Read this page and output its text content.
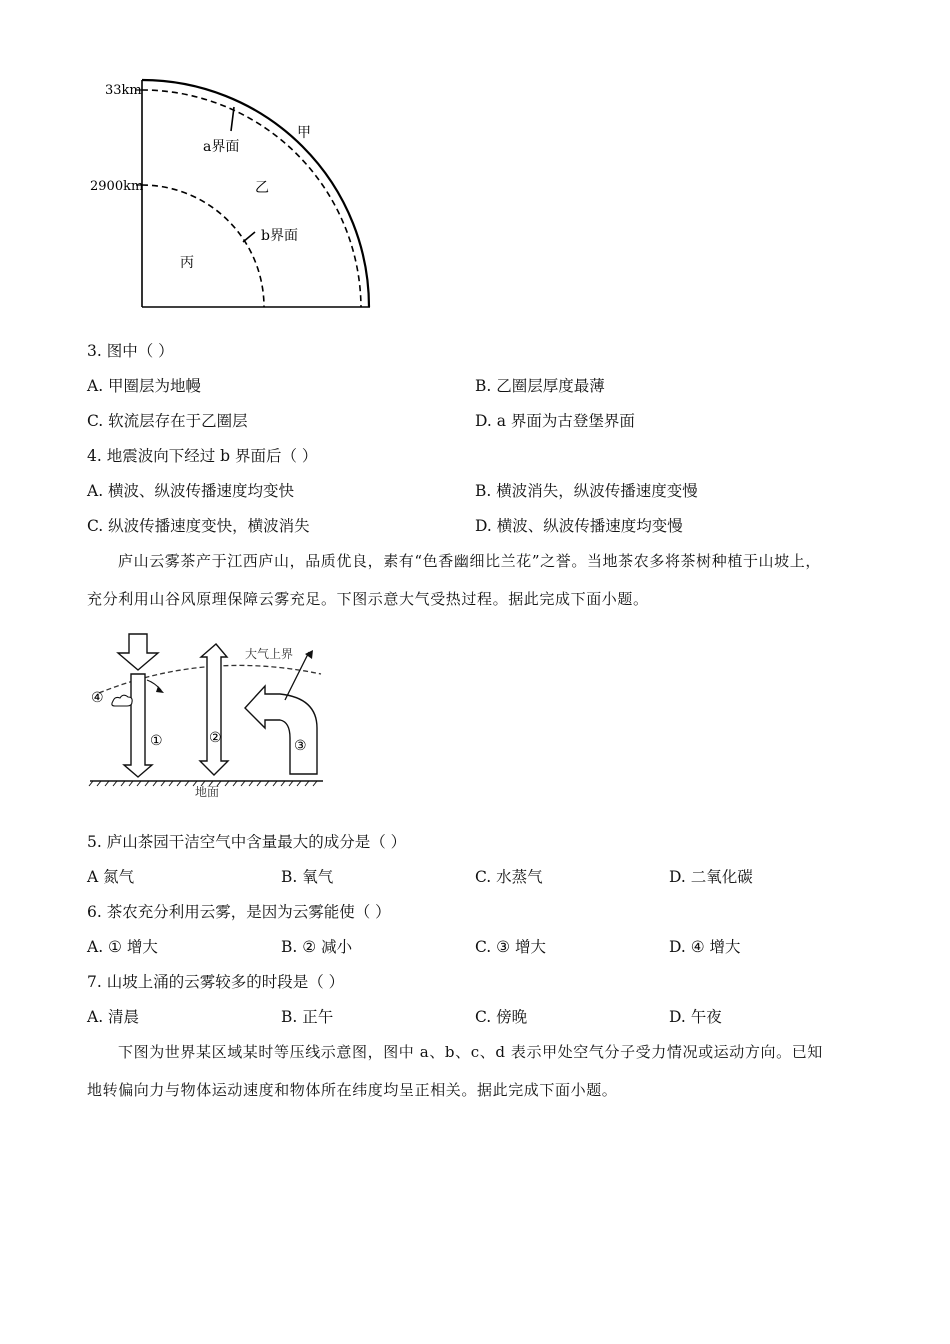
33km
2900km
甲
乙
丙
a界面
b界面
3. 图中（ ）
A. 甲圈层为地幔	B. 乙圈层厚度最薄
C. 软流层存在于乙圈层	D. a 界面为古登堡界面
4. 地震波向下经过 b 界面后（ ）
A. 横波、纵波传播速度均变快	B. 横波消失，纵波传播速度变慢
C. 纵波传播速度变快，横波消失	D. 横波、纵波传播速度均变慢
庐山云雾茶产于江西庐山，品质优良，素有“色香幽细比兰花”之誉。当地茶农多将茶树种植于山坡上，
充分利用山谷风原理保障云雾充足。下图示意大气受热过程。据此完成下面小题。
大气上界
①	②	③
④
地面
5. 庐山茶园干洁空气中含量最大的成分是（ ）
A 氮气	B. 氧气	C. 水蒸气	D. 二氧化碳
6. 茶农充分利用云雾，是因为云雾能使（ ）
A. ① 增大	B. ② 减小	C. ③ 增大	D. ④ 增大
7. 山坡上涌的云雾较多的时段是（ ）
A. 清晨	B. 正午	C. 傍晚	D. 午夜
下图为世界某区域某时等压线示意图，图中 a、b、c、d 表示甲处空气分子受力情况或运动方向。已知
地转偏向力与物体运动速度和物体所在纬度均呈正相关。据此完成下面小题。
